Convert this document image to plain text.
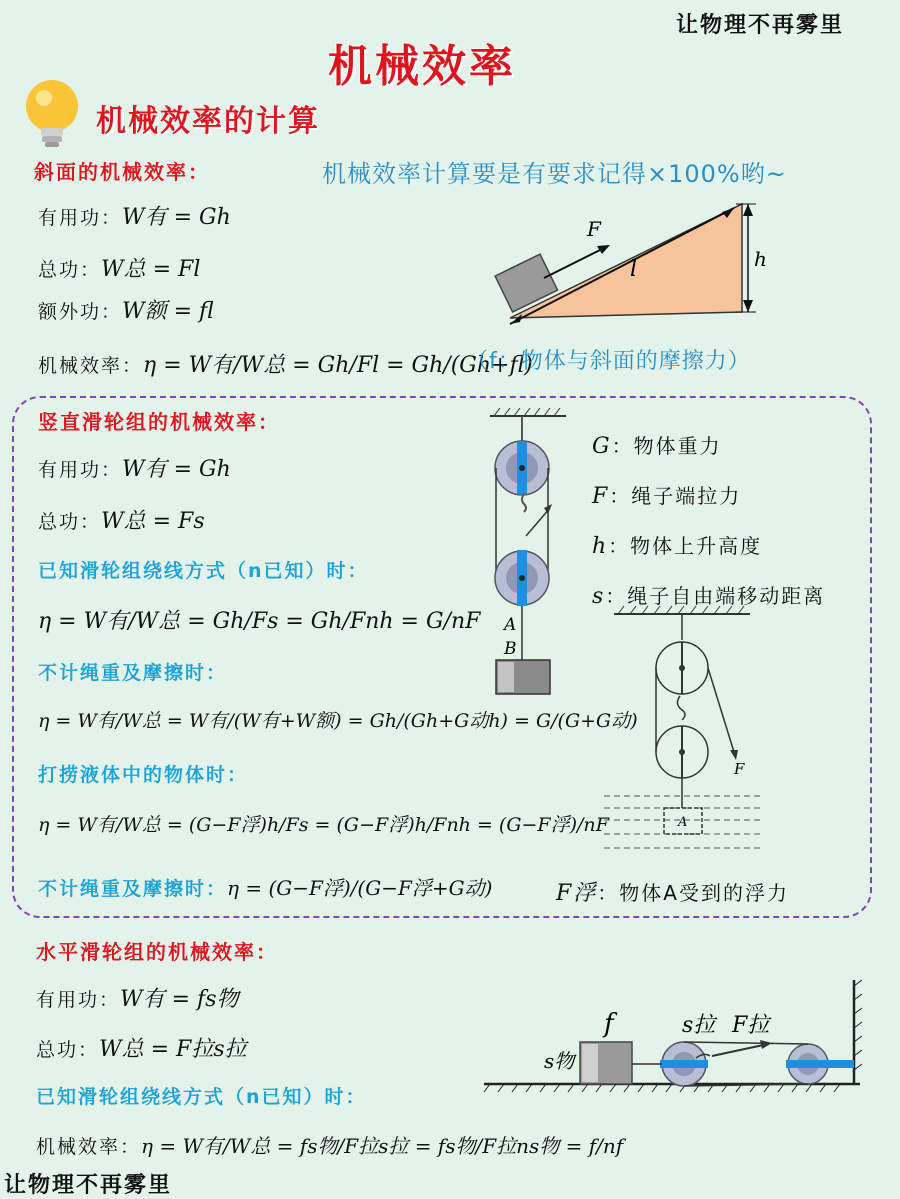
让物理不再雾里
机械效率
机械效率的计算
斜面的机械效率：	机械效率计算要是有要求记得×100%哟~
有用功：W有 = Gh
总功：W总 = Fl
额外功：W额 = fl
机械效率：η = W有/W总 = Gh/Fl = Gh/(Gh+fl)
（f：物体与斜面的摩擦力）
F
l	h
竖直滑轮组的机械效率：
有用功：W有 = Gh
总功：W总 = Fs
已知滑轮组绕线方式（n已知）时：
η = W有/W总 = Gh/Fs = Gh/Fnh = G/nF
不计绳重及摩擦时：
η = W有/W总 = W有/(W有+W额) = Gh/(Gh+G动h) = G/(G+G动)
打捞液体中的物体时：
η = W有/W总 = (G−F浮)h/Fs = (G−F浮)h/Fnh = (G−F浮)/nF
不计绳重及摩擦时：η = (G−F浮)/(G−F浮+G动)
G：物体重力
F：绳子端拉力
h：物体上升高度
s：绳子自由端移动距离
F浮：物体A受到的浮力
A
B
F
A
水平滑轮组的机械效率：
有用功：W有 = fs物
总功：W总 = F拉s拉
已知滑轮组绕线方式（n已知）时：
机械效率：η = W有/W总 = fs物/F拉s拉 = fs物/F拉ns物 = f/nf
f	s拉 F拉
s物
让物理不再雾里
